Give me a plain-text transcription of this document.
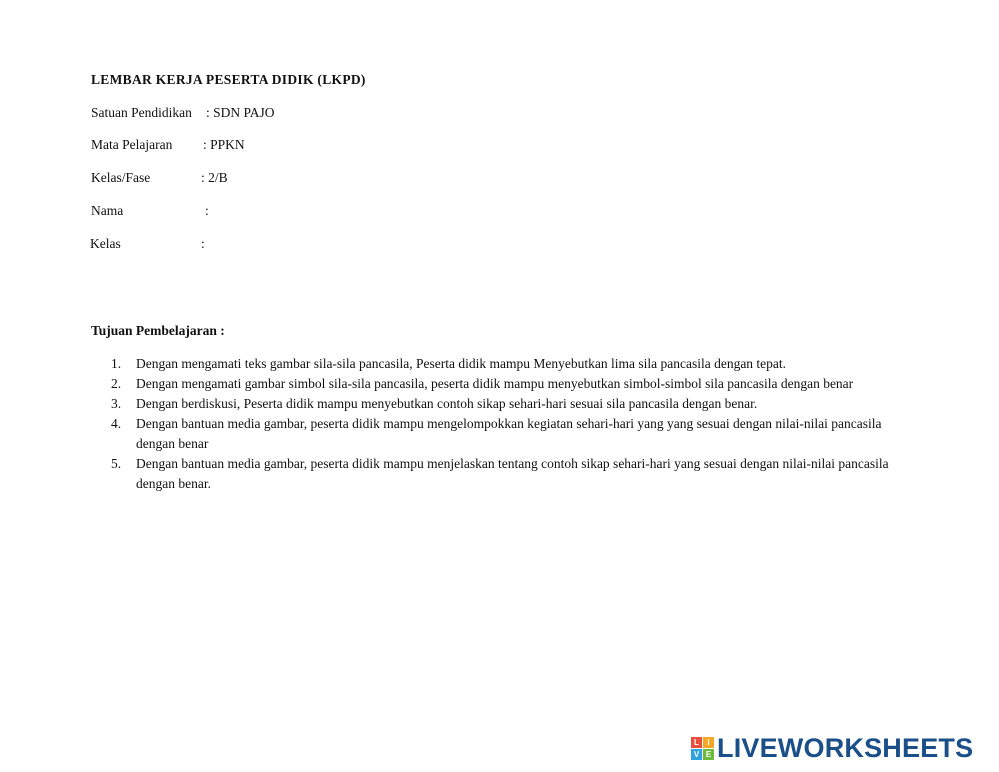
LEMBAR KERJA PESERTA DIDIK (LKPD)
Satuan Pendidikan : SDN PAJO
Mata Pelajaran : PPKN
Kelas/Fase	: 2/B
Nama	:
Kelas	:
Tujuan Pembelajaran :
1. Dengan mengamati teks gambar sila-sila pancasila, Peserta didik mampu Menyebutkan lima sila pancasila dengan tepat.
2. Dengan mengamati gambar simbol sila-sila pancasila, peserta didik mampu menyebutkan simbol-simbol sila pancasila dengan benar
3. Dengan berdiskusi, Peserta didik mampu menyebutkan contoh sikap sehari-hari sesuai sila pancasila dengan benar.
4. Dengan bantuan media gambar, peserta didik mampu mengelompokkan kegiatan sehari-hari yang yang sesuai dengan nilai-nilai pancasila dengan benar
5. Dengan bantuan media gambar, peserta didik mampu menjelaskan tentang contoh sikap sehari-hari yang sesuai dengan nilai-nilai pancasila dengan benar.
L	I
V E LIVEWORKSHEETS
